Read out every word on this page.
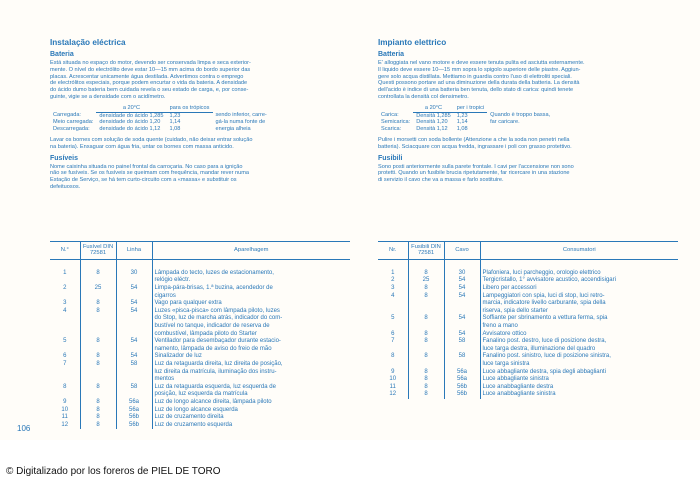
Instalação eléctrica
Bateria
Está situada no espaço do motor, devendo ser conservada limpa e seca exterior-
mente. O nível do electrólito deve estar 10—15 mm acima do bordo superior das
placas. Acrescentar unicamente água destilada. Advertimos contra o emprego
de electrólitos especiais, porque podem encurtar o vida da bateria. A densidade
do ácido dumo bateria bem cuidada revela o seu estado de carga, e, por conse-
guinte, vigie se a densidade com o acidímetro.
	a 20°C	para os trópicos	
Carregada:	densidade do ácido 1,285	1,23	sendo inferior, carre-
Meio carregada:	densidade do ácido 1,20	1,14	gá-la numa fonte de
Descarregada:	densidade do ácido 1,12	1,08	energia alheia
Lavar os bornes com solução de soda quente (cuidado, não deixar entrar solução
na bateria). Enxaguar com água fria, untar os bornes com massa anticido.
Fusíveis
Nome caixinha situada no painel frontal da carroçaria. No caso para a ignição
não se fusíveis. Se os fusíveis se queimam com frequência, mandar rever numa
Estação de Serviço, se há tem curto-circuito com a «massa» e substituir os
defeituosos.
Impianto elettrico
Batteria
E' alloggiata nel vano motore e deve essere tenuta pulita ed asciutta esternamente.
Il liquido deve essere 10—15 mm sopra lo spigolo superiore delle piastre. Aggiun-
gere solo acqua distillata. Mettiamo in guardia contro l'uso di elettroliti speciali.
Questi possono portare ad una diminuzione della durata della batteria. La densità
dell'acido è indice di una batteria ben tenuta, dello stato di carica: quindi tenete
controllata la densità col densimetro.
	a 20°C	per i tropici	
Carica:	Densità 1,285	1,23	Quando è troppo bassa,
Semicarica:	Densità 1,20	1,14	far caricare.
Scarica:	Densità 1,12	1,08	
Pulire i morsetti con soda bollente (Attenzione a che la soda non penetri nella
batteria). Sciacquare con acqua fredda, ingrassare i poli con grasso protettivo.
Fusibili
Sono posti anteriormente sulla parete frontale. I cavi per l'accensione non sono
protetti. Quando un fusibile brucia ripetutamente, far ricercare in una stazione
di servizio il cavo che va a massa e farlo sostituire.
N.°	Fusível DIN 72581	Linha	Aparelhagem
1	8	30	Lâmpada do tecto, luzes de estacionamento,
relógio eléctr.

2	25	54	Limpa-pára-brisas, 1.ª buzina, acendedor de
cigarros

3	8	54	Vago para qualquer extra

4	8	54	Luzes «pisca-pisca» com lâmpada piloto, luzes
do Stop, luz de marcha atrás, indicador do com-
bustível no tanque, indicador de reserva de
combustível, lâmpada piloto do Starter

5	8	54	Ventilador para desembaçador durante estacio-
namento, lâmpada de aviso do freio de mão

6	8	54	Sinalizador de luz

7	8	58	Luz da retaguarda direita, luz direita de posição,
luz direita da matrícula, iluminação dos instru-
mentos

8	8	58	Luz da retaguarda esquerda, luz esquerda de
posição, luz esquerda da matrícula

9	8	56a	Luz de longo alcance direita, lâmpada piloto

10	8	56a	Luz de longo alcance esquerda

11	8	56b	Luz de cruzamento direita

12	8	56b	Luz de cruzamento esquerda
Nr.	Fusibili DIN 72581	Cavo	Consumatori
1	8	30	Plafoniera, luci parcheggio, orologio elettrico

2	25	54	Tergicristallo, 1° avvisatore acustico, accendisigari

3	8	54	Libero per accessori

4	8	54	Lampeggiatori con spia, luci di stop, luci retro-
marcia, indicatore livello carburante, spia della
riserva, spia dello starter

5	8	54	Soffiante per sbrinamento a vettura ferma, spia
freno a mano

6	8	54	Avvisatore ottico

7	8	58	Fanalino post. destro, luce di posizione destra,
luce targa destra, illuminazione del quadro

8	8	58	Fanalino post. sinistro, luce di posizione sinistra,
luce targa sinistra

9	8	56a	Luce abbagliante destra, spia degli abbaglianti

10	8	56a	Luce abbagliante sinistra

11	8	56b	Luce anabbagliante destra

12	8	56b	Luce anabbagliante sinistra
106
© Digitalizado por los foreros de PIEL DE TORO
